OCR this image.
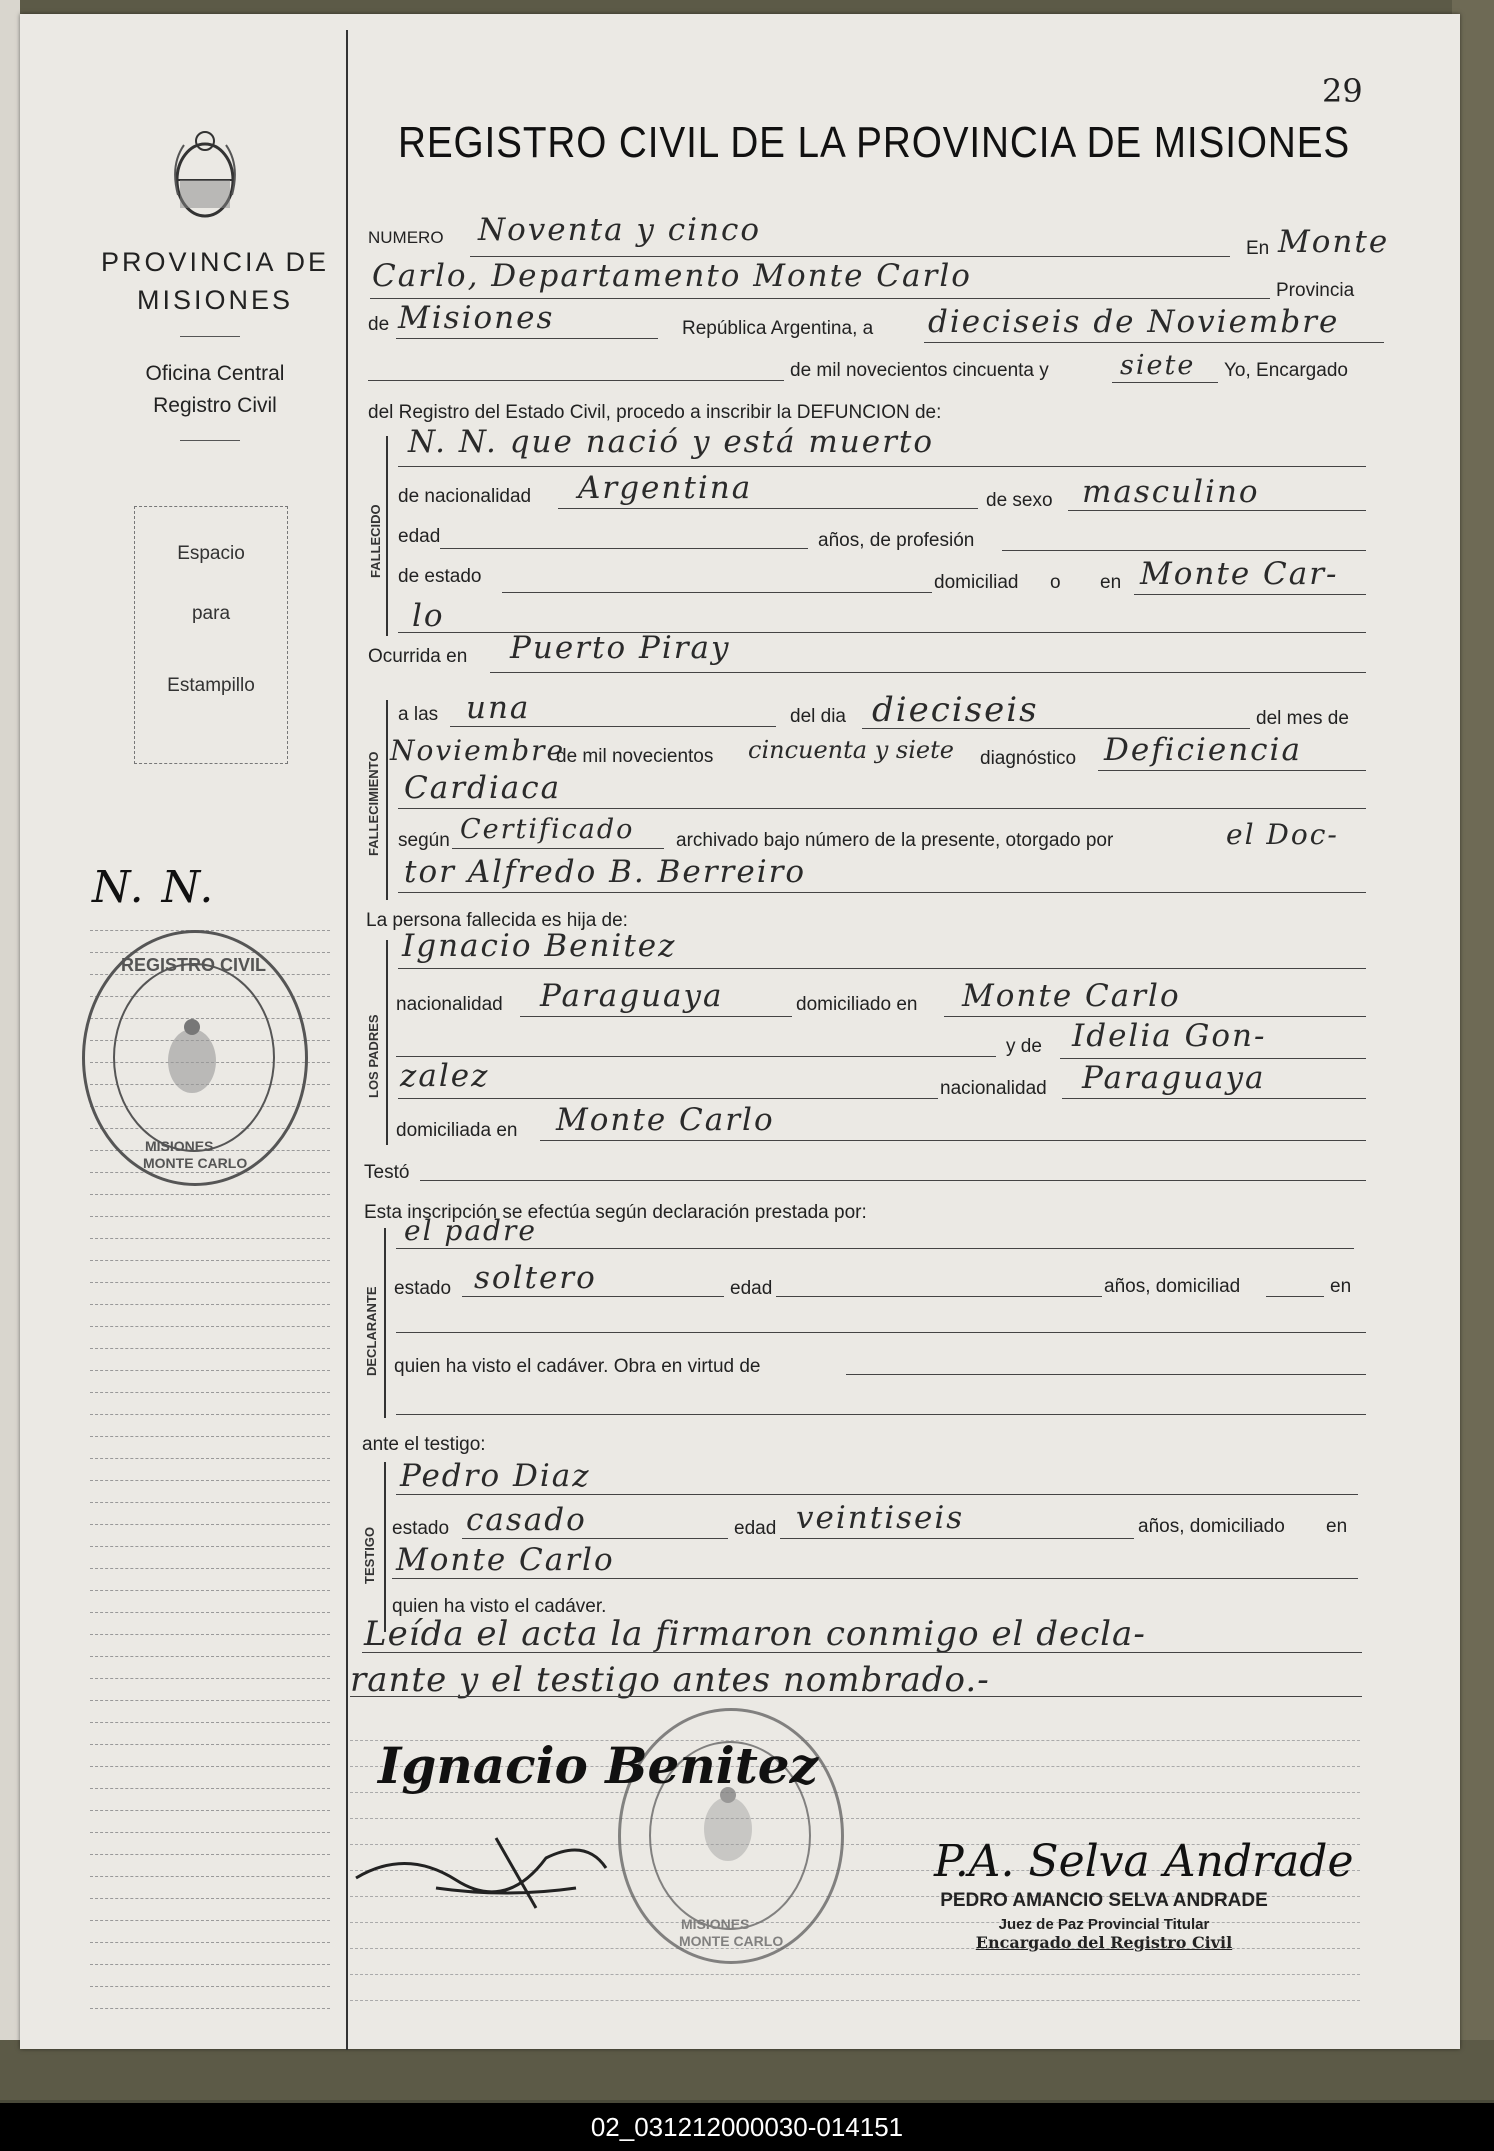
29
PROVINCIA DE
MISIONES
Oficina Central
Registro Civil
Espacio
para
Estampillo
N. N.
REGISTRO CIVIL
MISIONES
MONTE CARLO
REGISTRO CIVIL DE LA PROVINCIA DE MISIONES
NUMERO Noventa y cinco
En Monte
Carlo, Departamento Monte Carlo	Provincia
de Misiones	República Argentina, a dieciseis de Noviembre
de mil novecientos cincuenta y	siete Yo, Encargado
del Registro del Estado Civil, procedo a inscribir la DEFUNCION de:
FALLECIDO
N. N. que nació y está muerto
de nacionalidad Argentina	de sexo masculino
edad	años, de profesión
de estado	domiciliad o en Monte Car-
lo
Ocurrida en Puerto Piray
FALLECIMIENTO
a las una	del dia dieciseis	del mes de
Noviembre
de mil novecientos cincuenta y siete diagnóstico Deficiencia
Cardiaca
según Certificado archivado bajo número de la presente, otorgado por	el Doc-
tor Alfredo B. Berreiro
La persona fallecida es hija de:
LOS PADRES
Ignacio Benitez
nacionalidad Paraguaya	domiciliado en Monte Carlo
y de Idelia Gon-
zalez	nacionalidad Paraguaya
domiciliada en Monte Carlo
Testó
Esta inscripción se efectúa según declaración prestada por:
DECLARANTE
el padre
estado soltero	edad	años, domiciliad	en
quien ha visto el cadáver. Obra en virtud de
ante el testigo:
TESTIGO
Pedro Diaz
estado casado	edad veintiseis	años, domiciliado en
Monte Carlo
quien ha visto el cadáver.
Leída el acta la firmaron conmigo el decla-
rante y el testigo antes nombrado.-
MISIONES
MONTE CARLO
Ignacio Benitez
P.A. Selva Andrade
PEDRO AMANCIO SELVA ANDRADE
Juez de Paz Provincial Titular
Encargado del Registro Civil
02_031212000030-014151
